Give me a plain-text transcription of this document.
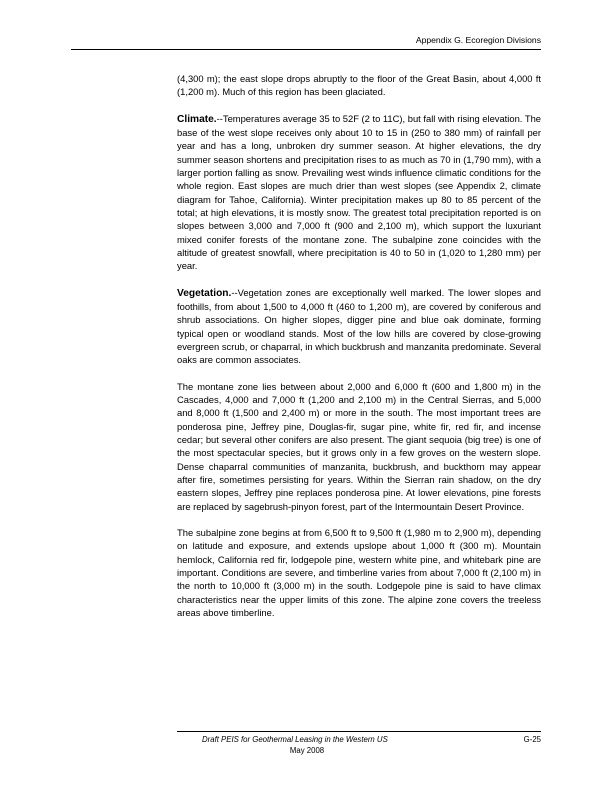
Appendix G. Ecoregion Divisions

(4,300 m); the east slope drops abruptly to the floor of the Great Basin, about 4,000 ft (1,200 m). Much of this region has been glaciated.

Climate.--Temperatures average 35 to 52F (2 to 11C), but fall with rising elevation. The base of the west slope receives only about 10 to 15 in (250 to 380 mm) of rainfall per year and has a long, unbroken dry summer season. At higher elevations, the dry summer season shortens and precipitation rises to as much as 70 in (1,790 mm), with a larger portion falling as snow. Prevailing west winds influence climatic conditions for the whole region. East slopes are much drier than west slopes (see Appendix 2, climate diagram for Tahoe, California). Winter precipitation makes up 80 to 85 percent of the total; at high elevations, it is mostly snow. The greatest total precipitation reported is on slopes between 3,000 and 7,000 ft (900 and 2,100 m), which support the luxuriant mixed conifer forests of the montane zone. The subalpine zone coincides with the altitude of greatest snowfall, where precipitation is 40 to 50 in (1,020 to 1,280 mm) per year.

Vegetation.--Vegetation zones are exceptionally well marked. The lower slopes and foothills, from about 1,500 to 4,000 ft (460 to 1,200 m), are covered by coniferous and shrub associations. On higher slopes, digger pine and blue oak dominate, forming typical open or woodland stands. Most of the low hills are covered by close-growing evergreen scrub, or chaparral, in which buckbrush and manzanita predominate. Several oaks are common associates.

The montane zone lies between about 2,000 and 6,000 ft (600 and 1,800 m) in the Cascades, 4,000 and 7,000 ft (1,200 and 2,100 m) in the Central Sierras, and 5,000 and 8,000 ft (1,500 and 2,400 m) or more in the south. The most important trees are ponderosa pine, Jeffrey pine, Douglas-fir, sugar pine, white fir, red fir, and incense cedar; but several other conifers are also present. The giant sequoia (big tree) is one of the most spectacular species, but it grows only in a few groves on the western slope. Dense chaparral communities of manzanita, buckbrush, and buckthorn may appear after fire, sometimes persisting for years. Within the Sierran rain shadow, on the dry eastern slopes, Jeffrey pine replaces ponderosa pine. At lower elevations, pine forests are replaced by sagebrush-pinyon forest, part of the Intermountain Desert Province.

The subalpine zone begins at from 6,500 ft to 9,500 ft (1,980 m to 2,900 m), depending on latitude and exposure, and extends upslope about 1,000 ft (300 m). Mountain hemlock, California red fir, lodgepole pine, western white pine, and whitebark pine are important. Conditions are severe, and timberline varies from about 7,000 ft (2,100 m) in the north to 10,000 ft (3,000 m) in the south. Lodgepole pine is said to have climax characteristics near the upper limits of this zone. The alpine zone covers the treeless areas above timberline.

Draft PEIS for Geothermal Leasing in the Western US	G-25
May 2008
